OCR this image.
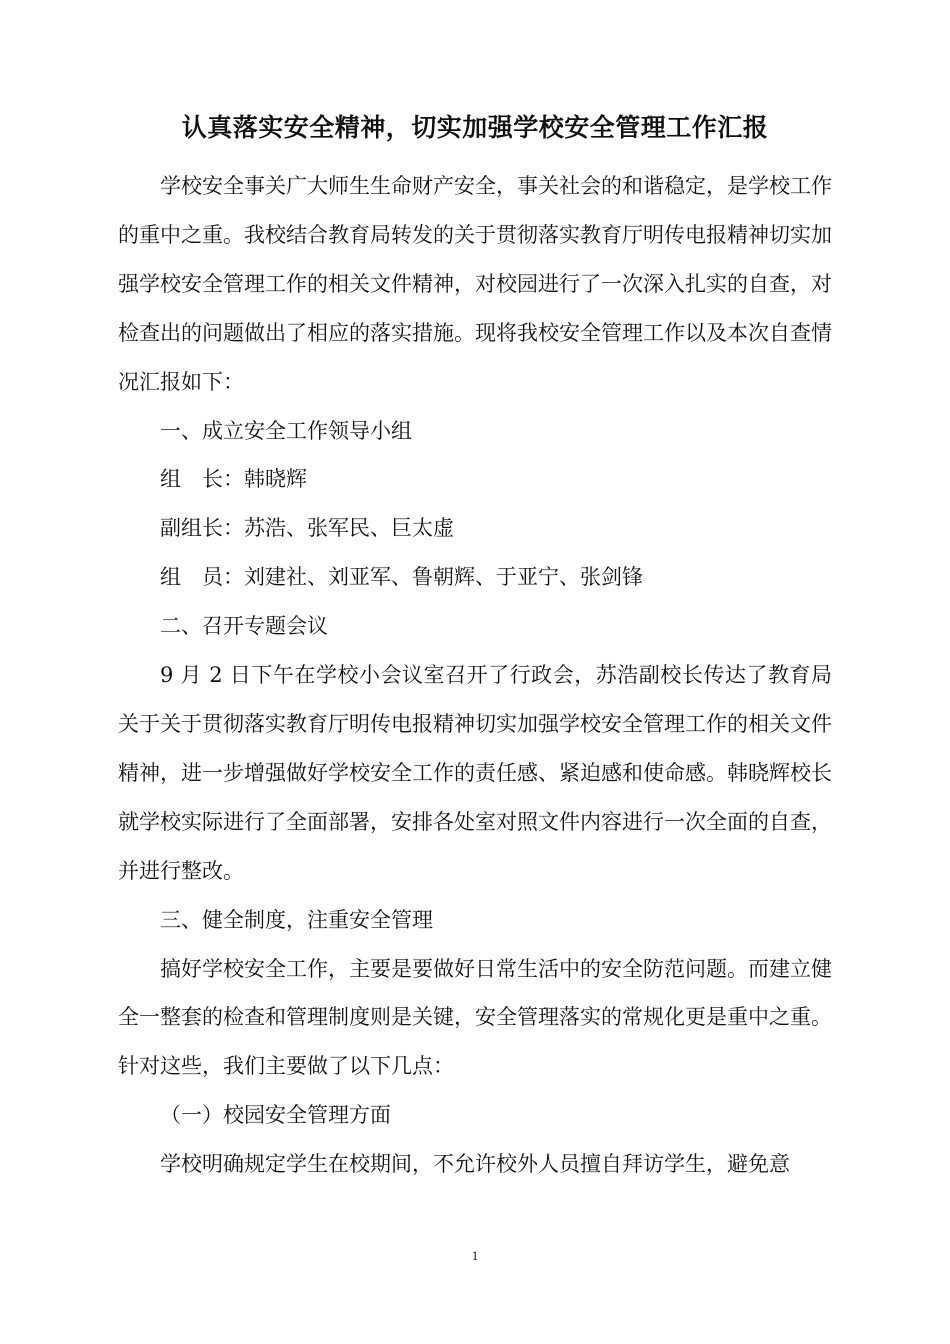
认真落实安全精神，切实加强学校安全管理工作汇报

学校安全事关广大师生生命财产安全，事关社会的和谐稳定，是学校工作的重中之重。我校结合教育局转发的关于贯彻落实教育厅明传电报精神切实加强学校安全管理工作的相关文件精神，对校园进行了一次深入扎实的自查，对检查出的问题做出了相应的落实措施。现将我校安全管理工作以及本次自查情况汇报如下：

一、成立安全工作领导小组

组　长：韩晓辉

副组长：苏浩、张军民、巨太虚

组　员：刘建社、刘亚军、鲁朝辉、于亚宁、张剑锋

二、召开专题会议

9 月 2 日下午在学校小会议室召开了行政会，苏浩副校长传达了教育局关于关于贯彻落实教育厅明传电报精神切实加强学校安全管理工作的相关文件精神，进一步增强做好学校安全工作的责任感、紧迫感和使命感。韩晓辉校长就学校实际进行了全面部署，安排各处室对照文件内容进行一次全面的自查，并进行整改。

三、健全制度，注重安全管理

搞好学校安全工作，主要是要做好日常生活中的安全防范问题。而建立健全一整套的检查和管理制度则是关键，安全管理落实的常规化更是重中之重。针对这些，我们主要做了以下几点：

（一）校园安全管理方面

学校明确规定学生在校期间，不允许校外人员擅自拜访学生，避免意

1
